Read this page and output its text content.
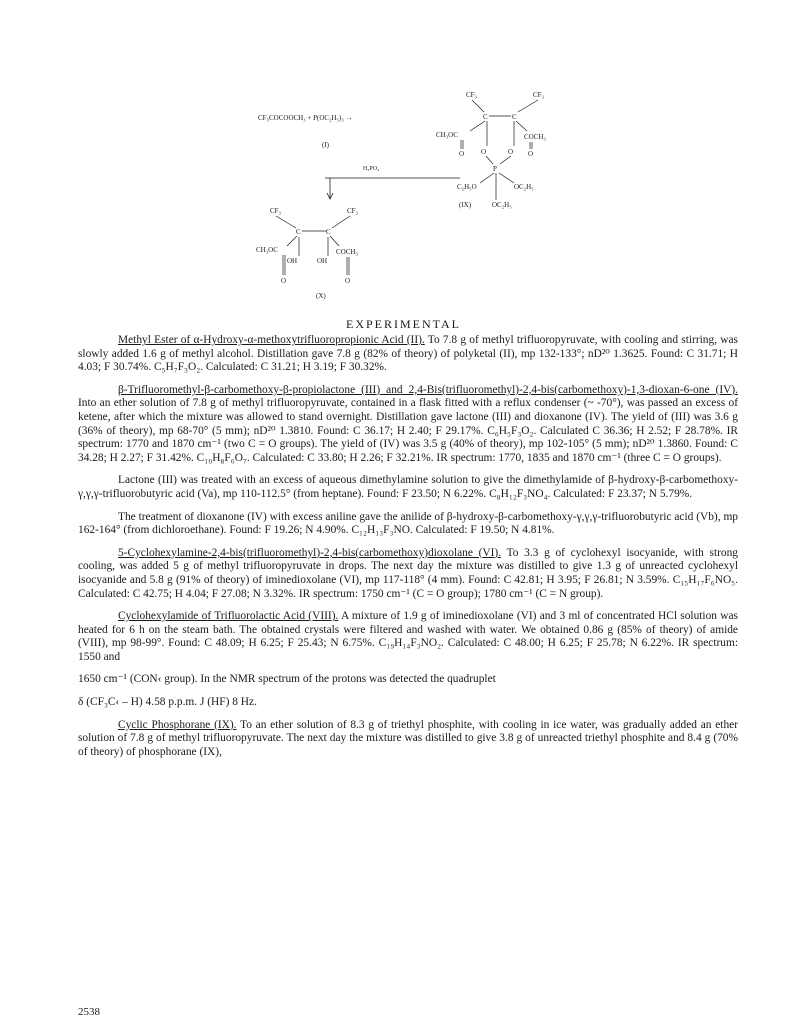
CF₃COCOOCH₃ + P(OC₂H₅)₃ →
(I)
H₃PO₄
CF₃	CF₃
C	C
CH₃OC	COCH₃
O O	O O
P
C₂H₅O	OC₂H₅
(IX)	OC₂H₅
CF₃	CF₃
C	C
CH₃OC	COCH₃
OH	OH
O	O
(X)
EXPERIMENTAL

Methyl Ester of α-Hydroxy-α-methoxytrifluoropropionic Acid (II). To 7.8 g of methyl trifluoropyruvate, with cooling and stirring, was slowly added 1.6 g of methyl alcohol. Distillation gave 7.8 g (82% of theory) of polyketal (II), mp 132-133°; nD²⁰ 1.3625. Found: C 31.71; H 4.03; F 30.74%. C₅H₇F₃O₂. Calculated: C 31.21; H 3.19; F 30.32%.

β-Trifluoromethyl-β-carbomethoxy-β-propiolactone (III) and 2,4-Bis(trifluoromethyl)-2,4-bis(carbomethoxy)-1,3-dioxan-6-one (IV). Into an ether solution of 7.8 g of methyl trifluoropyruvate, contained in a flask fitted with a reflux condenser (~ -70°), was passed an excess of ketene, after which the mixture was allowed to stand overnight. Distillation gave lactone (III) and dioxanone (IV). The yield of (III) was 3.6 g (36% of theory), mp 68-70° (5 mm); nD²⁰ 1.3810. Found: C 36.17; H 2.40; F 29.17%. C₆H₅F₃O₂. Calculated C 36.36; H 2.52; F 28.78%. IR spectrum: 1770 and 1870 cm⁻¹ (two C = O groups). The yield of (IV) was 3.5 g (40% of theory), mp 102-105° (5 mm); nD²⁰ 1.3860. Found: C 34.28; H 2.27; F 31.42%. C₁₀H₈F₆O₇. Calculated: C 33.80; H 2.26; F 32.21%. IR spectrum: 1770, 1835 and 1870 cm⁻¹ (three C = O groups).

Lactone (III) was treated with an excess of aqueous dimethylamine solution to give the dimethylamide of β-hydroxy-β-carbomethoxy-γ,γ,γ-trifluorobutyric acid (Va), mp 110-112.5° (from heptane). Found: F 23.50; N 6.22%. C₈H₁₂F₃NO₄. Calculated: F 23.37; N 5.79%.

The treatment of dioxanone (IV) with excess aniline gave the anilide of β-hydroxy-β-carbomethoxy-γ,γ,γ-trifluorobutyric acid (Vb), mp 162-164° (from dichloroethane). Found: F 19.26; N 4.90%. C₁₂H₁₃F₃NO. Calculated: F 19.50; N 4.81%.

5-Cyclohexylamine-2,4-bis(trifluoromethyl)-2,4-bis(carbomethoxy)dioxolane (VI). To 3.3 g of cyclohexyl isocyanide, with strong cooling, was added 5 g of methyl trifluoropyruvate in drops. The next day the mixture was distilled to give 1.3 g of unreacted cyclohexyl isocyanide and 5.8 g (91% of theory) of iminedioxolane (VI), mp 117-118° (4 mm). Found: C 42.81; H 3.95; F 26.81; N 3.59%. C₁₅H₁₇F₆NO₅. Calculated: C 42.75; H 4.04; F 27.08; N 3.32%. IR spectrum: 1750 cm⁻¹ (C = O group); 1780 cm⁻¹ (C = N group).

Cyclohexylamide of Trifluorolactic Acid (VIII). A mixture of 1.9 g of iminedioxolane (VI) and 3 ml of concentrated HCl solution was heated for 6 h on the steam bath. The obtained crystals were filtered and washed with water. We obtained 0.86 g (85% of theory) of amide (VIII), mp 98-99°. Found: C 48.09; H 6.25; F 25.43; N 6.75%. C₁₉H₁₄F₃NO₂. Calculated: C 48.00; H 6.25; F 25.78; N 6.22%. IR spectrum: 1550 and

1650 cm⁻¹ (CON‹ group). In the NMR spectrum of the protons was detected the quadruplet

δ (CF₃C‹ – H) 4.58 p.p.m. J (HF) 8 Hz.

Cyclic Phosphorane (IX). To an ether solution of 8.3 g of triethyl phosphite, with cooling in ice water, was gradually added an ether solution of 7.8 g of methyl trifluoropyruvate. The next day the mixture was distilled to give 3.8 g of unreacted triethyl phosphite and 8.4 g (70% of theory) of phosphorane (IX),

2538
